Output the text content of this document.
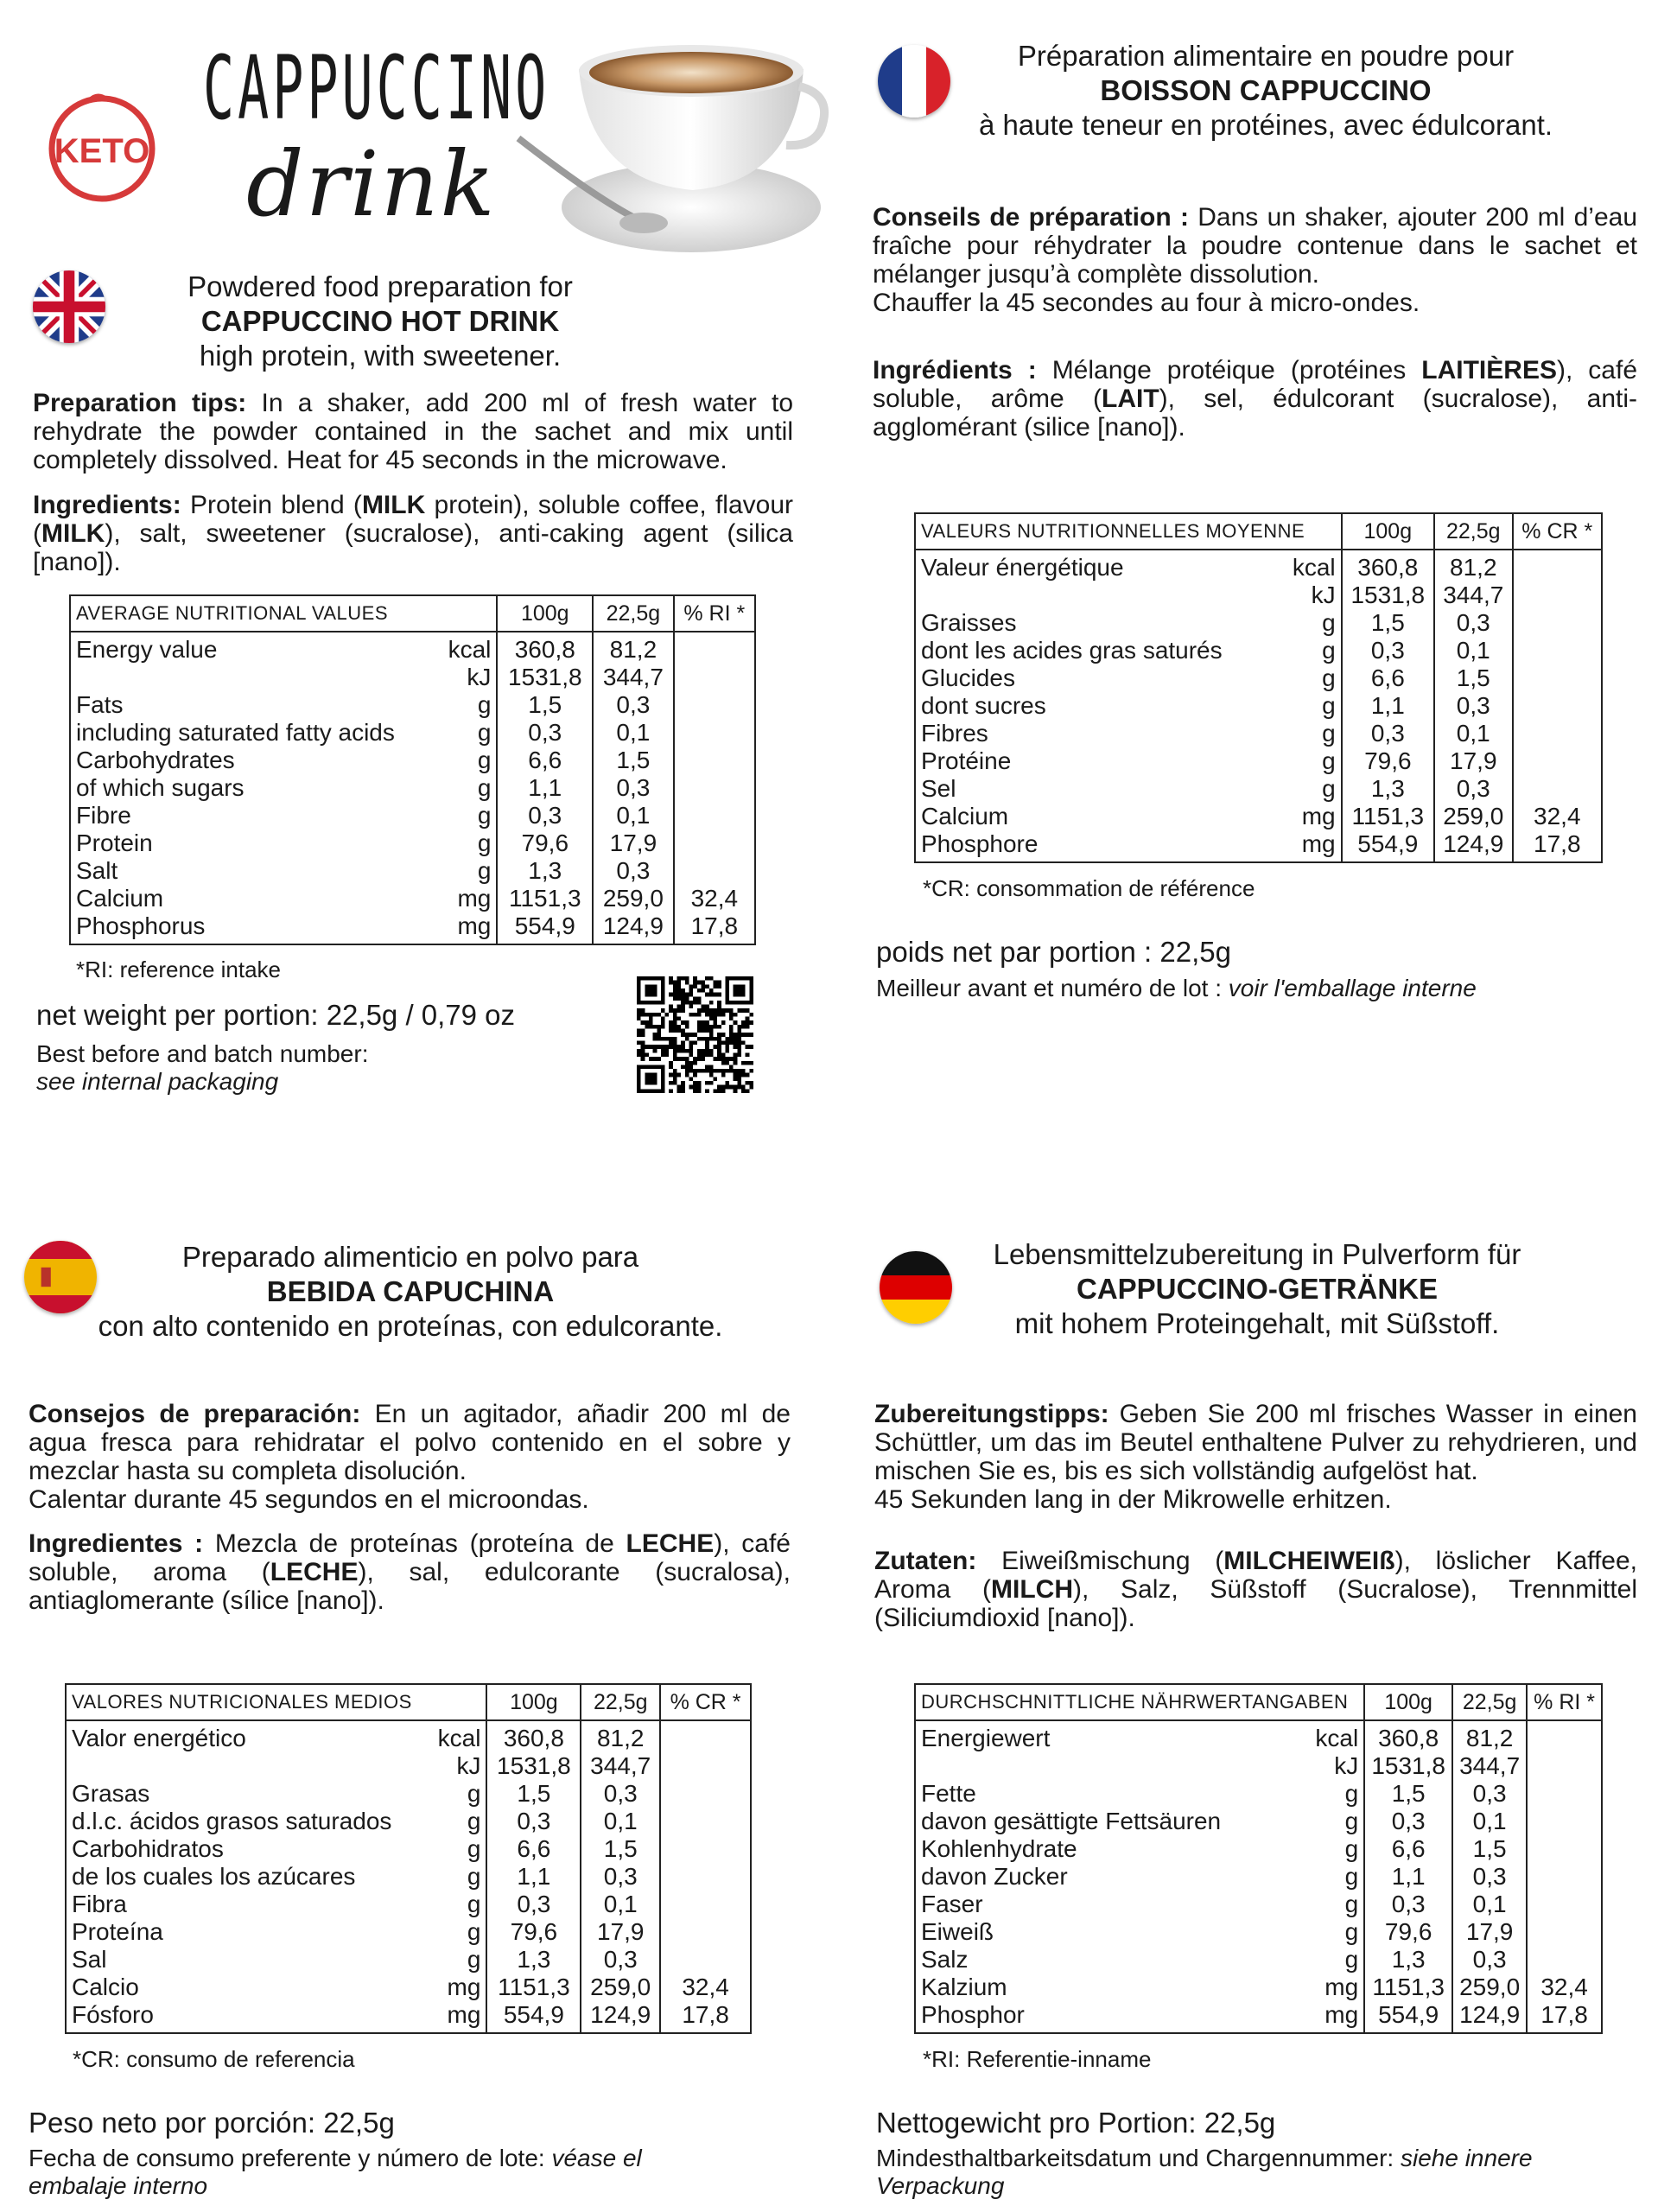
KETO
CAPPUCCINO
drink
Powdered food preparation for
CAPPUCCINO HOT DRINK
high protein, with sweetener.
Preparation tips: In a shaker, add 200 ml of fresh water to rehydrate the powder contained in the sachet and mix until completely dissolved. Heat for 45 seconds in the microwave.
Ingredients: Protein blend (MILK protein), soluble coffee, flavour (MILK), salt, sweetener (sucralose), anti-caking agent (silica [nano]).
AVERAGE NUTRITIONAL VALUES		100g	22,5g	% RI *
Energy value	kcal	360,8	81,2	
	kJ	1531,8	344,7	
Fats	g	1,5	0,3	
including saturated fatty acids	g	0,3	0,1	
Carbohydrates	g	6,6	1,5	
of which sugars	g	1,1	0,3	
Fibre	g	0,3	0,1	
Protein	g	79,6	17,9	
Salt	g	1,3	0,3	
Calcium	mg	1151,3	259,0	32,4
Phosphorus	mg	554,9	124,9	17,8
*RI: reference intake
net weight per portion: 22,5g / 0,79 oz
Best before and batch number:
see internal packaging
Préparation alimentaire en poudre pour
BOISSON CAPPUCCINO
à haute teneur en protéines, avec édulcorant.
Conseils de préparation : Dans un shaker, ajouter 200 ml d’eau fraîche pour réhydrater la poudre contenue dans le sachet et mélanger jusqu’à complète dissolution.
Chauffer la 45 secondes au four à micro-ondes.
Ingrédients : Mélange protéique (protéines LAITIÈRES), café soluble, arôme (LAIT), sel, édulcorant (sucralose), anti-agglomérant (silice [nano]).
VALEURS NUTRITIONNELLES MOYENNE		100g	22,5g	% CR *
Valeur énergétique	kcal	360,8	81,2	
	kJ	1531,8	344,7	
Graisses	g	1,5	0,3	
dont les acides gras saturés	g	0,3	0,1	
Glucides	g	6,6	1,5	
dont sucres	g	1,1	0,3	
Fibres	g	0,3	0,1	
Protéine	g	79,6	17,9	
Sel	g	1,3	0,3	
Calcium	mg	1151,3	259,0	32,4
Phosphore	mg	554,9	124,9	17,8
*CR: consommation de référence
poids net par portion : 22,5g
Meilleur avant et numéro de lot : voir l'emballage interne
Preparado alimenticio en polvo para
BEBIDA CAPUCHINA
con alto contenido en proteínas, con edulcorante.
Consejos de preparación: En un agitador, añadir 200 ml de agua fresca para rehidratar el polvo contenido en el sobre y mezclar hasta su completa disolución.
Calentar durante 45 segundos en el microondas.
Ingredientes : Mezcla de proteínas (proteína de LECHE), café soluble, aroma (LECHE), sal, edulcorante (sucralosa), antiaglomerante (sílice [nano]).
VALORES NUTRICIONALES MEDIOS		100g	22,5g	% CR *
Valor energético	kcal	360,8	81,2	
	kJ	1531,8	344,7	
Grasas	g	1,5	0,3	
d.l.c. ácidos grasos saturados	g	0,3	0,1	
Carbohidratos	g	6,6	1,5	
de los cuales los azúcares	g	1,1	0,3	
Fibra	g	0,3	0,1	
Proteína	g	79,6	17,9	
Sal	g	1,3	0,3	
Calcio	mg	1151,3	259,0	32,4
Fósforo	mg	554,9	124,9	17,8
*CR: consumo de referencia
Peso neto por porción: 22,5g
Fecha de consumo preferente y número de lote: véase el embalaje interno
Lebensmittelzubereitung in Pulverform für
CAPPUCCINO-GETRÄNKE
mit hohem Proteingehalt, mit Süßstoff.
Zubereitungstipps: Geben Sie 200 ml frisches Wasser in einen Schüttler, um das im Beutel enthaltene Pulver zu rehydrieren, und mischen Sie es, bis es sich vollständig aufgelöst hat.
45 Sekunden lang in der Mikrowelle erhitzen.
Zutaten: Eiweißmischung (MILCHEIWEIß), löslicher Kaffee, Aroma (MILCH), Salz, Süßstoff (Sucralose), Trennmittel (Siliciumdioxid [nano]).
DURCHSCHNITTLICHE NÄHRWERTANGABEN		100g	22,5g	% RI *
Energiewert	kcal	360,8	81,2	
	kJ	1531,8	344,7	
Fette	g	1,5	0,3	
davon gesättigte Fettsäuren	g	0,3	0,1	
Kohlenhydrate	g	6,6	1,5	
davon Zucker	g	1,1	0,3	
Faser	g	0,3	0,1	
Eiweiß	g	79,6	17,9	
Salz	g	1,3	0,3	
Kalzium	mg	1151,3	259,0	32,4
Phosphor	mg	554,9	124,9	17,8
*RI: Referentie-inname
Nettogewicht pro Portion: 22,5g
Mindesthaltbarkeitsdatum und Chargennummer: siehe innere Verpackung
